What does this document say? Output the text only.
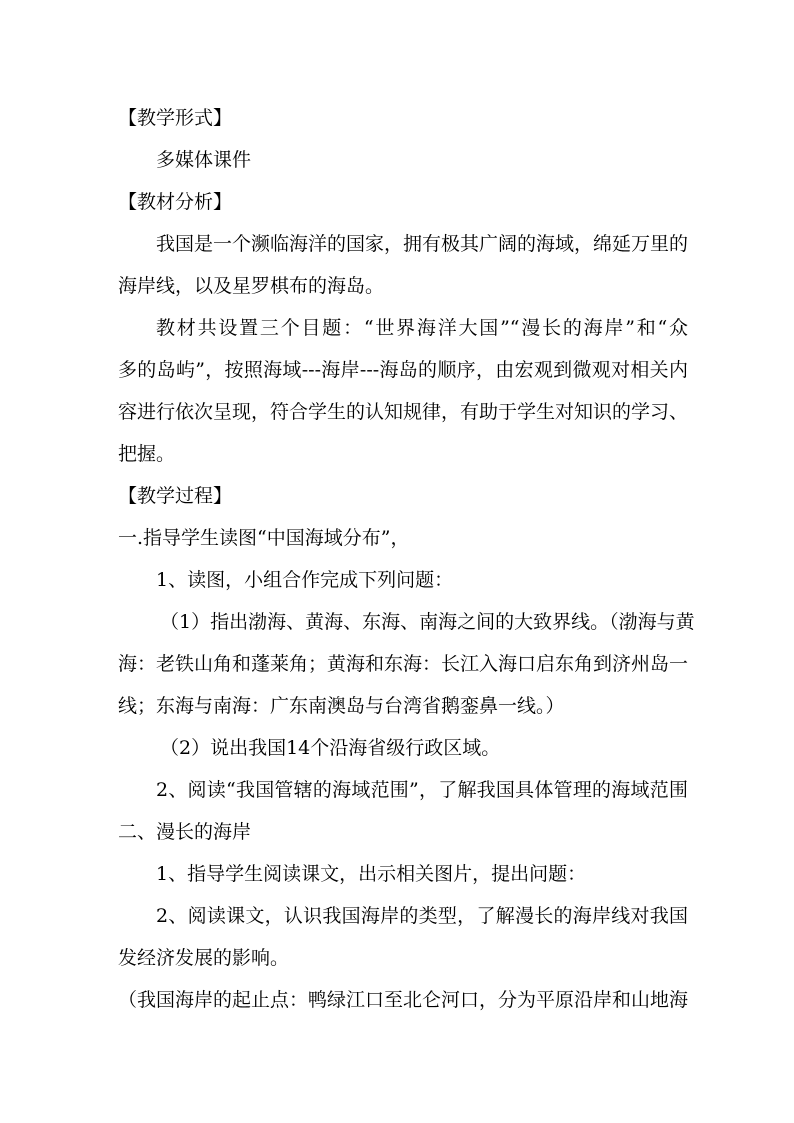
【教学形式】
多媒体课件
【教材分析】
我国是一个濒临海洋的国家，拥有极其广阔的海域，绵延万里的
海岸线，以及星罗棋布的海岛。
教材共设置三个目题：“世界海洋大国”“漫长的海岸”和“众
多的岛屿”，按照海域---海岸---海岛的顺序，由宏观到微观对相关内
容进行依次呈现，符合学生的认知规律，有助于学生对知识的学习、
把握。
【教学过程】
一.指导学生读图“中国海域分布”，
1、读图，小组合作完成下列问题：
（1）指出渤海、黄海、东海、南海之间的大致界线。（渤海与黄
海：老铁山角和蓬莱角；黄海和东海：长江入海口启东角到济州岛一
线；东海与南海：广东南澳岛与台湾省鹅銮鼻一线。）
（2）说出我国14个沿海省级行政区域。
2、阅读“我国管辖的海域范围”，了解我国具体管理的海域范围
二、漫长的海岸
1、指导学生阅读课文，出示相关图片，提出问题：
2、阅读课文，认识我国海岸的类型，了解漫长的海岸线对我国
发经济发展的影响。
（我国海岸的起止点：鸭绿江口至北仑河口，分为平原沿岸和山地海
